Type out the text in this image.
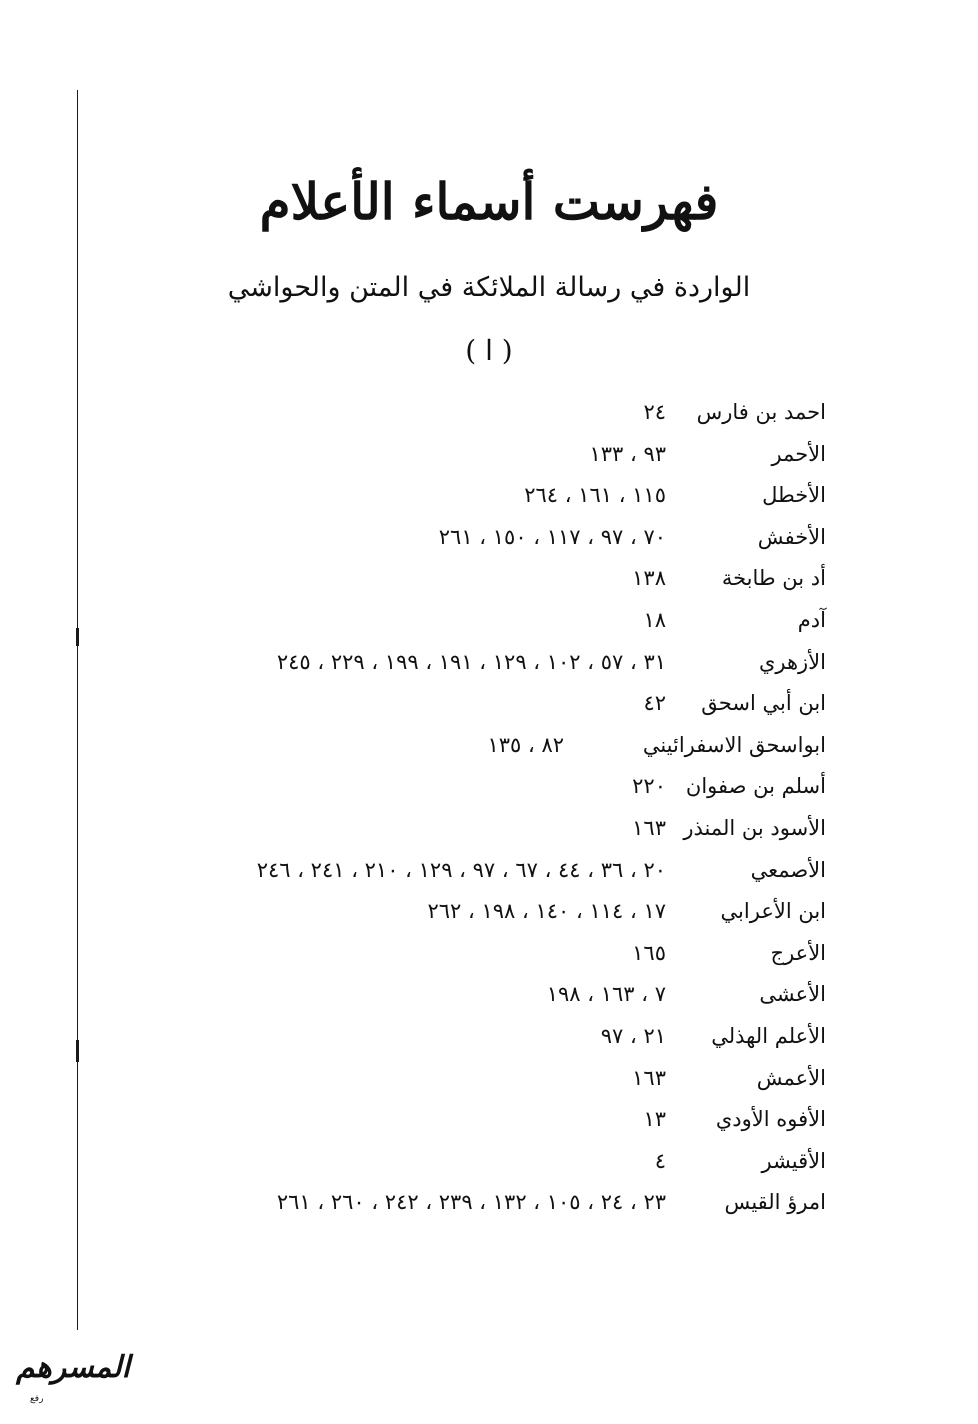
فهرست أسماء الأعلام
الواردة في رسالة الملائكة في المتن والحواشي
( ا )
احمد بن فارس
٢٤
الأحمر
٩٣ ، ١٣٣
الأخطل
١١٥ ، ١٦١ ، ٢٦٤
الأخفش
٧٠ ، ٩٧ ، ١١٧ ، ١٥٠ ، ٢٦١
أد بن طابخة
١٣٨
آدم
١٨
الأزهري
٣١ ، ٥٧ ، ١٠٢ ، ١٢٩ ، ١٩١ ، ١٩٩ ، ٢٢٩ ، ٢٤٥
ابن أبي اسحق
٤٢
ابواسحق الاسفرائيني
٨٢ ، ١٣٥
أسلم بن صفوان
٢٢٠
الأسود بن المنذر
١٦٣
الأصمعي
٢٠ ، ٣٦ ، ٤٤ ، ٦٧ ، ٩٧ ، ١٢٩ ، ٢١٠ ، ٢٤١ ، ٢٤٦
ابن الأعرابي
١٧ ، ١١٤ ، ١٤٠ ، ١٩٨ ، ٢٦٢
الأعرج
١٦٥
الأعشى
٧ ، ١٦٣ ، ١٩٨
الأعلم الهذلي
٢١ ، ٩٧
الأعمش
١٦٣
الأفوه الأودي
١٣
الأقيشر
٤
امرؤ القيس
٢٣ ، ٢٤ ، ١٠٥ ، ١٣٢ ، ٢٣٩ ، ٢٤٢ ، ٢٦٠ ، ٢٦١
المسرهم
رفع
